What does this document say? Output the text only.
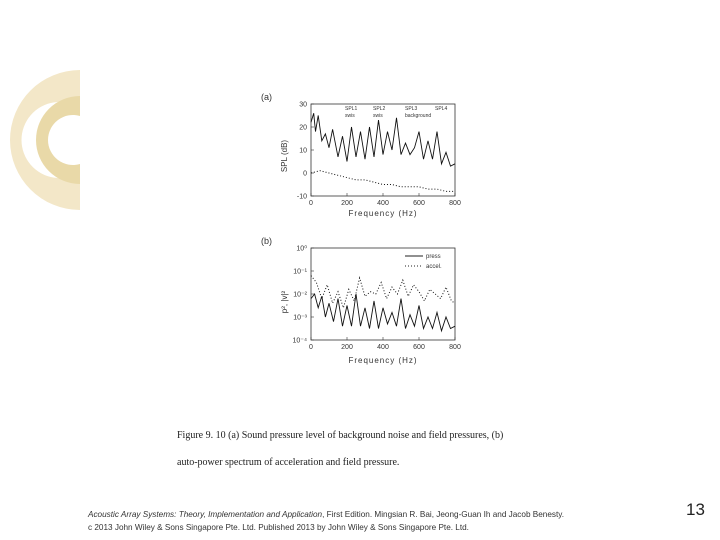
(a)
SPL (dB)
Frequency (Hz)
SPL1
swis
SPL2
swis
SPL3
background
SPL4
0	200	400	600	800
-10
0
10
20
30
(b)
p², |v|²
Frequency (Hz)
press
accel.
0	200	400	600	800
10⁰
10⁻¹
10⁻²
10⁻³
10⁻⁴
Figure 9. 10 (a) Sound pressure level of background noise and field pressures, (b)
auto-power spectrum of acceleration and field pressure.
Acoustic Array Systems: Theory, Implementation and Application, First Edition. Mingsian R. Bai, Jeong-Guan Ih and Jacob Benesty.
c 2013 John Wiley & Sons Singapore Pte. Ltd. Published 2013 by John Wiley & Sons Singapore Pte. Ltd.
13
